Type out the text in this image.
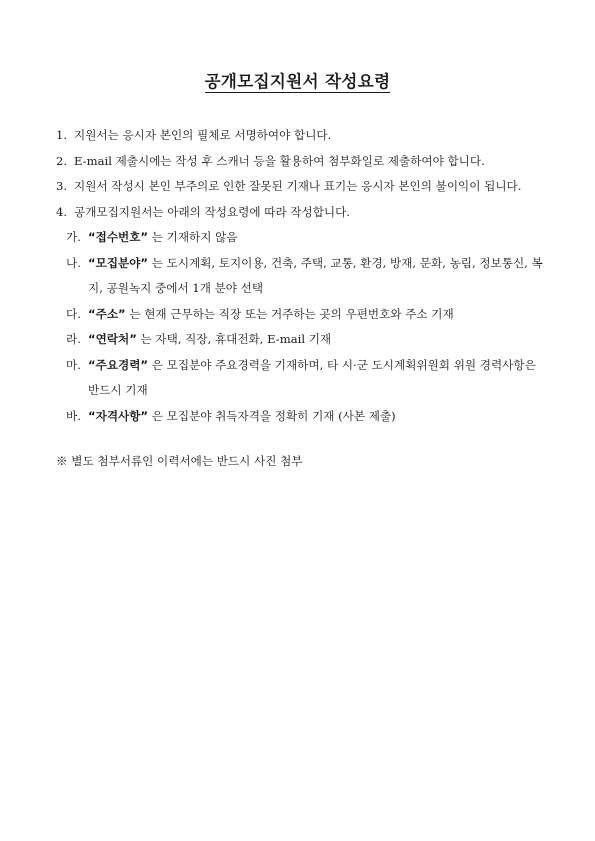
공개모집지원서 작성요령
1. 지원서는 응시자 본인의 필체로 서명하여야 합니다.
2. E-mail 제출시에는 작성 후 스캐너 등을 활용하여 첨부화일로 제출하여야 합니다.
3. 지원서 작성시 본인 부주의로 인한 잘못된 기재나 표기는 응시자 본인의 불이익이 됩니다.
4. 공개모집지원서는 아래의 작성요령에 따라 작성합니다.
가. “접수번호” 는 기재하지 않음
나. “모집분야” 는 도시계획, 토지이용, 건축, 주택, 교통, 환경, 방재, 문화, 농림, 정보통신, 복지, 공원녹지 중에서 1개 분야 선택
다. “주소” 는 현재 근무하는 직장 또는 거주하는 곳의 우편번호와 주소 기재
라. “연락처” 는 자택, 직장, 휴대전화, E-mail 기재
마. “주요경력” 은 모집분야 주요경력을 기재하며, 타 시·군 도시계획위원회 위원 경력사항은 반드시 기재
바. “자격사항” 은 모집분야 취득자격을 정확히 기재 (사본 제출)
※ 별도 첨부서류인 이력서에는 반드시 사진 첨부
